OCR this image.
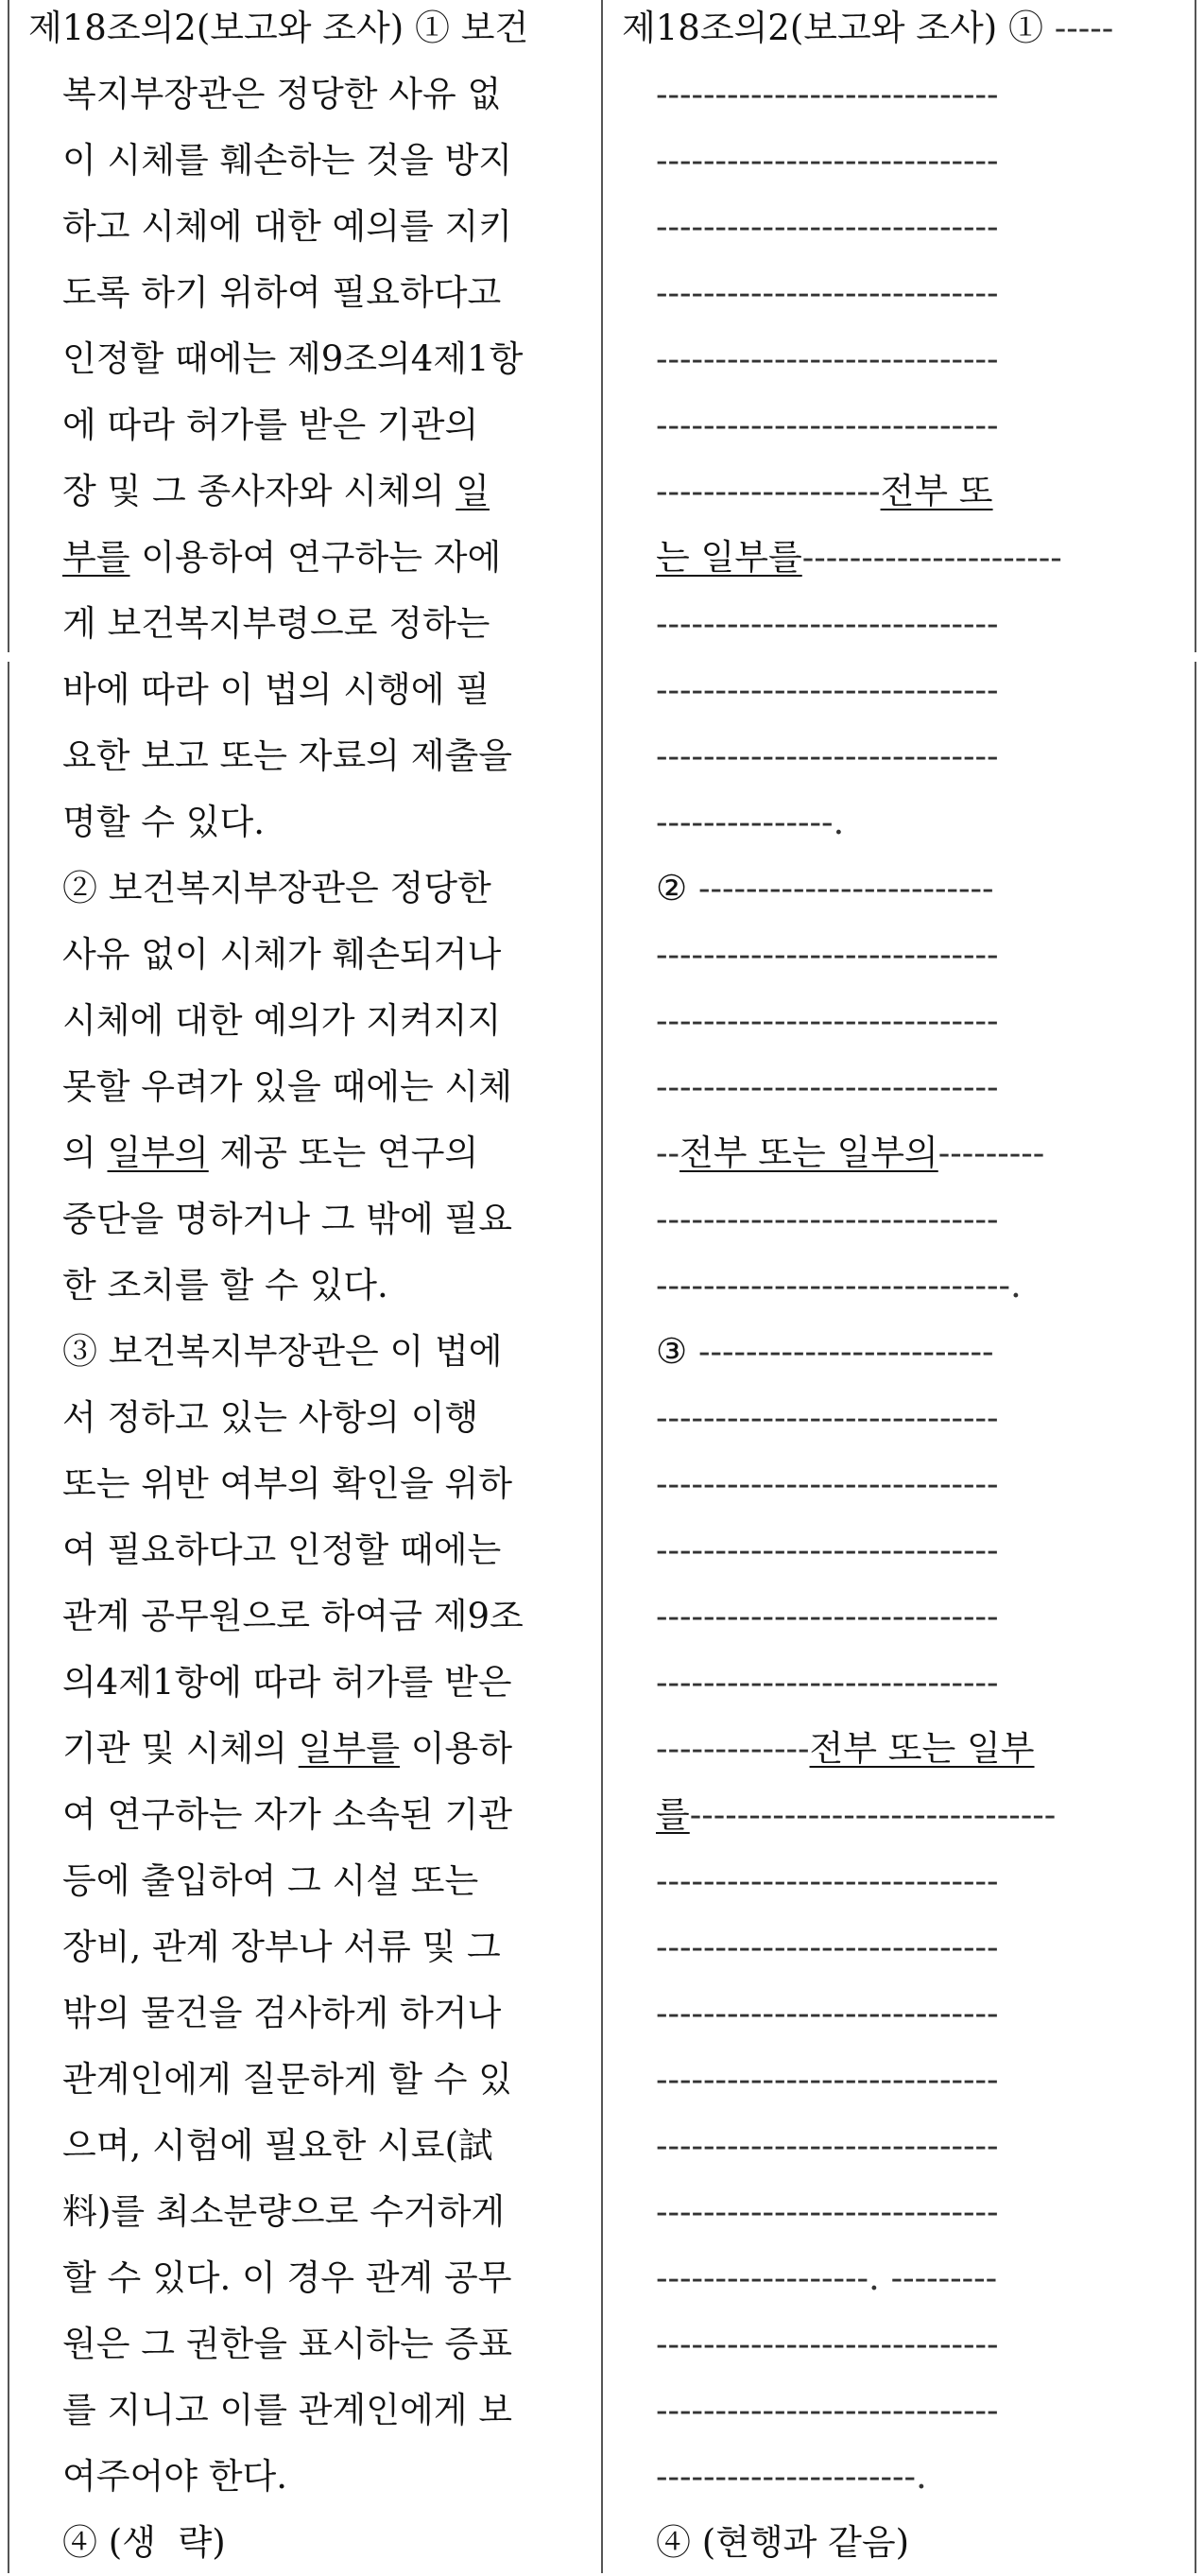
제18조의2(보고와 조사) ① 보건
복지부장관은 정당한 사유 없
이 시체를 훼손하는 것을 방지
하고 시체에 대한 예의를 지키
도록 하기 위하여 필요하다고
인정할 때에는 제9조의4제1항
에 따라 허가를 받은 기관의
장 및 그 종사자와 시체의 일
부를 이용하여 연구하는 자에
게 보건복지부령으로 정하는
바에 따라 이 법의 시행에 필
요한 보고 또는 자료의 제출을
명할 수 있다.
② 보건복지부장관은 정당한
사유 없이 시체가 훼손되거나
시체에 대한 예의가 지켜지지
못할 우려가 있을 때에는 시체
의 일부의 제공 또는 연구의
중단을 명하거나 그 밖에 필요
한 조치를 할 수 있다.
③ 보건복지부장관은 이 법에
서 정하고 있는 사항의 이행
또는 위반 여부의 확인을 위하
여 필요하다고 인정할 때에는
관계 공무원으로 하여금 제9조
의4제1항에 따라 허가를 받은
기관 및 시체의 일부를 이용하
여 연구하는 자가 소속된 기관
등에 출입하여 그 시설 또는
장비, 관계 장부나 서류 및 그
밖의 물건을 검사하게 하거나
관계인에게 질문하게 할 수 있
으며, 시험에 필요한 시료(試
料)를 최소분량으로 수거하게
할 수 있다. 이 경우 관계 공무
원은 그 권한을 표시하는 증표
를 지니고 이를 관계인에게 보
여주어야 한다.
④ (생  략)
제18조의2(보고와 조사) ① -----
-----------------------------
-----------------------------
-----------------------------
-----------------------------
-----------------------------
-----------------------------
-------------------전부 또
는 일부를----------------------
-----------------------------
-----------------------------
-----------------------------
---------------.
② -------------------------
-----------------------------
-----------------------------
-----------------------------
--전부 또는 일부의---------
-----------------------------
------------------------------.
③ -------------------------
-----------------------------
-----------------------------
-----------------------------
-----------------------------
-----------------------------
-------------전부 또는 일부
를-------------------------------
-----------------------------
-----------------------------
-----------------------------
-----------------------------
-----------------------------
-----------------------------
------------------. ---------
-----------------------------
-----------------------------
----------------------.
④ (현행과 같음)
